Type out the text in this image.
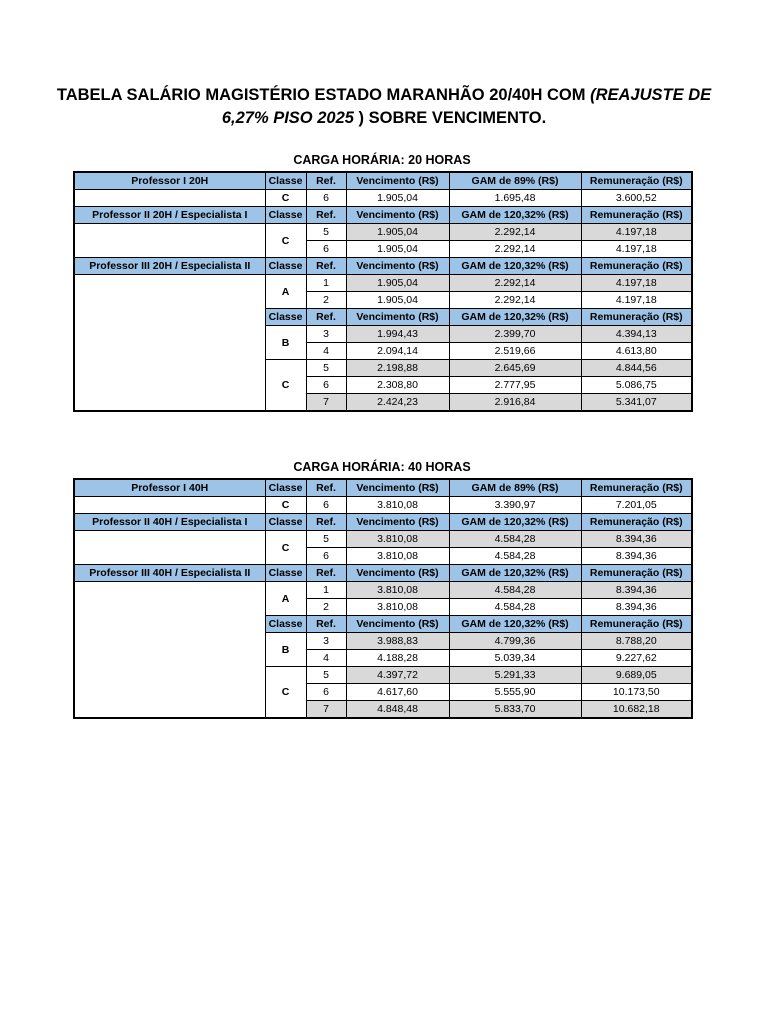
TABELA SALÁRIO MAGISTÉRIO ESTADO MARANHÃO 20/40H COM (REAJUSTE DE
6,27% PISO 2025 ) SOBRE VENCIMENTO.
CARGA HORÁRIA: 20 HORAS
Professor I 20H	Classe	Ref.	Vencimento (R$)	GAM de 89% (R$)	Remuneração (R$)
	C	6	1.905,04	1.695,48	3.600,52
Professor II 20H / Especialista I	Classe	Ref.	Vencimento (R$)	GAM de 120,32% (R$)	Remuneração (R$)
	C	5	1.905,04	2.292,14	4.197,18
		6	1.905,04	2.292,14	4.197,18
Professor III 20H / Especialista II	Classe	Ref.	Vencimento (R$)	GAM de 120,32% (R$)	Remuneração (R$)
	A	1	1.905,04	2.292,14	4.197,18
		2	1.905,04	2.292,14	4.197,18
	Classe	Ref.	Vencimento (R$)	GAM de 120,32% (R$)	Remuneração (R$)
	B	3	1.994,43	2.399,70	4.394,13
		4	2.094,14	2.519,66	4.613,80
	C	5	2.198,88	2.645,69	4.844,56
		6	2.308,80	2.777,95	5.086,75
		7	2.424,23	2.916,84	5.341,07
CARGA HORÁRIA: 40 HORAS
Professor I 40H	Classe	Ref.	Vencimento (R$)	GAM de 89% (R$)	Remuneração (R$)
	C	6	3.810,08	3.390,97	7.201,05
Professor II 40H / Especialista I	Classe	Ref.	Vencimento (R$)	GAM de 120,32% (R$)	Remuneração (R$)
	C	5	3.810,08	4.584,28	8.394,36
		6	3.810,08	4.584,28	8.394,36
Professor III 40H / Especialista II	Classe	Ref.	Vencimento (R$)	GAM de 120,32% (R$)	Remuneração (R$)
	A	1	3.810,08	4.584,28	8.394,36
		2	3.810,08	4.584,28	8.394,36
	Classe	Ref.	Vencimento (R$)	GAM de 120,32% (R$)	Remuneração (R$)
	B	3	3.988,83	4.799,36	8.788,20
		4	4.188,28	5.039,34	9.227,62
	C	5	4.397,72	5.291,33	9.689,05
		6	4.617,60	5.555,90	10.173,50
		7	4.848,48	5.833,70	10.682,18
